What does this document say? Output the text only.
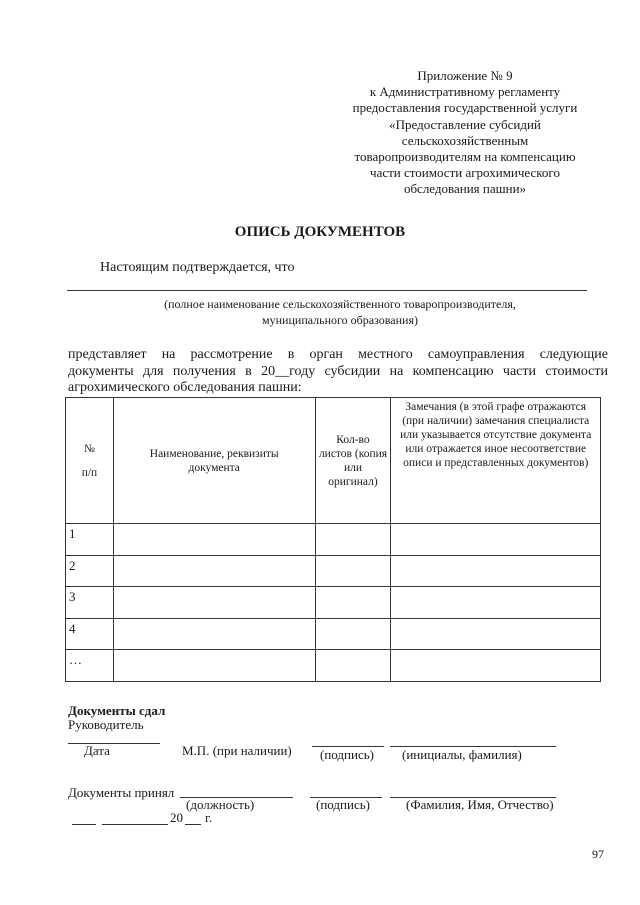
Приложение № 9
к Административному регламенту
предоставления государственной услуги
«Предоставление субсидий
сельскохозяйственным
товаропроизводителям на компенсацию
части стоимости агрохимического
обследования пашни»
ОПИСЬ ДОКУМЕНТОВ
Настоящим подтверждается, что
(полное наименование сельскохозяйственного товаропроизводителя,
муниципального образования)
представляет на рассмотрение в орган местного самоуправления следующие
документы для получения в 20__году субсидии на компенсацию части стоимости
агрохимического обследования пашни:
№
п/п	Наименование, реквизиты документа	Кол-во листов (копия или оригинал)	Замечания (в этой графе отражаются (при наличии) замечания специалиста или указывается отсутствие документа или отражается иное несоответствие описи и представленных документов)
1			
2			
3			
4			
…			
Документы сдал
Руководитель
Дата	М.П. (при наличии) (подпись) (инициалы, фамилия)
Документы принял
(должность)	(подпись)	(Фамилия, Имя, Отчество)
20 г.
97
